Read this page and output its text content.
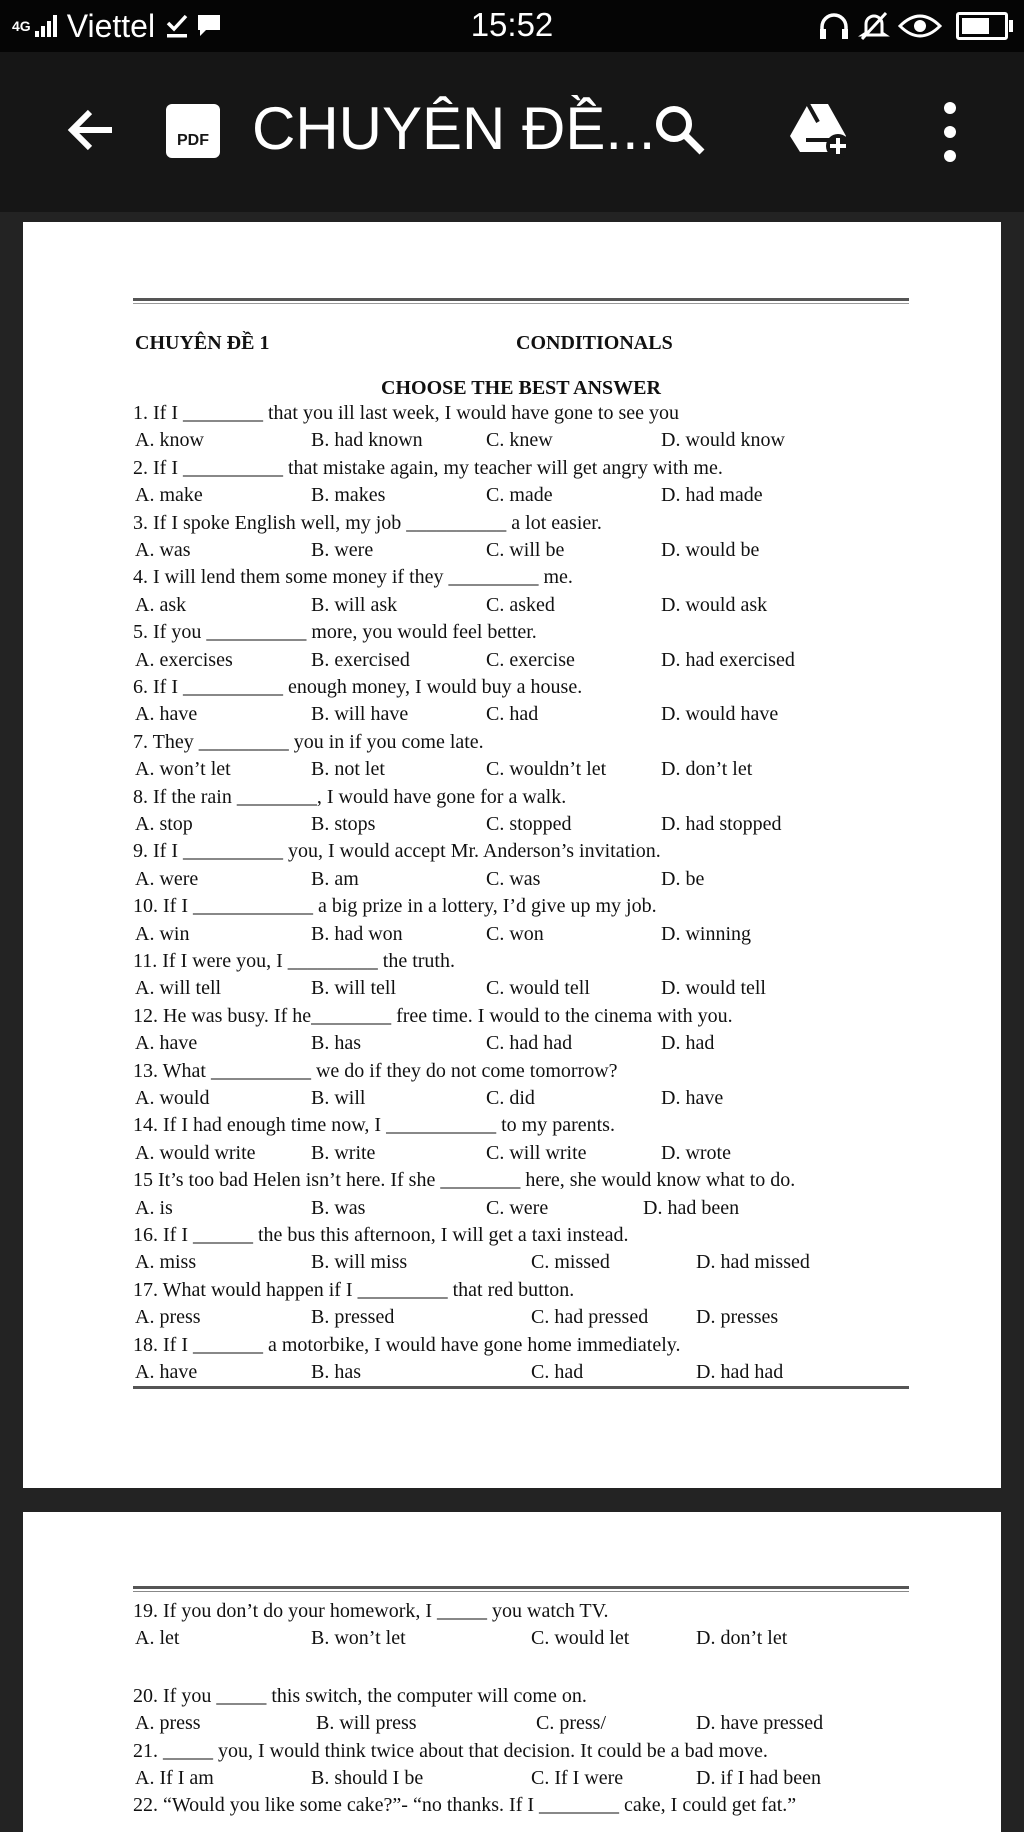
4G Viettel	15:52
PDF CHUYÊN ĐỀ...
CHUYÊN ĐỀ 1	CONDITIONALS
CHOOSE THE BEST ANSWER
1. If I ________ that you ill last week, I would have gone to see you
A. know	B. had known	C. knew	D. would know
2. If I __________ that mistake again, my teacher will get angry with me.
A. make	B. makes	C. made	D. had made
3. If I spoke English well, my job __________ a lot easier.
A. was	B. were	C. will be	D. would be
4. I will lend them some money if they _________ me.
A. ask	B. will ask	C. asked	D. would ask
5. If you __________ more, you would feel better.
A. exercises	B. exercised	C. exercise	D. had exercised
6. If I __________ enough money, I would buy a house.
A. have	B. will have	C. had	D. would have
7. They _________ you in if you come late.
A. won’t let	B. not let	C. wouldn’t let	D. don’t let
8. If the rain ________, I would have gone for a walk.
A. stop	B. stops	C. stopped	D. had stopped
9. If I __________ you, I would accept Mr. Anderson’s invitation.
A. were	B. am	C. was	D. be
10. If I ____________ a big prize in a lottery, I’d give up my job.
A. win	B. had won	C. won	D. winning
11. If I were you, I _________ the truth.
A. will tell	B. will tell	C. would tell	D. would tell
12. He was busy. If he________ free time. I would to the cinema with you.
A. have	B. has	C. had had	D. had
13. What __________ we do if they do not come tomorrow?
A. would	B. will	C. did	D. have
14. If I had enough time now, I ___________ to my parents.
A. would write	B. write	C. will write	D. wrote
15 It’s too bad Helen isn’t here. If she ________ here, she would know what to do.
A. is	B. was	C. were	D. had been
16. If I ______ the bus this afternoon, I will get a taxi instead.
A. miss	B. will miss	C. missed	D. had missed
17. What would happen if I _________ that red button.
A. press	B. pressed	C. had pressed D. presses
18. If I _______ a motorbike, I would have gone home immediately.
A. have	B. has	C. had	D. had had
19. If you don’t do your homework, I _____ you watch TV.
A. let	B. won’t let	C. would let	D. don’t let
20. If you _____ this switch, the computer will come on.
A. press	B. will press	C. press/	D. have pressed
21. _____ you, I would think twice about that decision. It could be a bad move.
A. If I am	B. should I be	C. If I were	D. if I had been
22. “Would you like some cake?”- “no thanks. If I ________ cake, I could get fat.”
